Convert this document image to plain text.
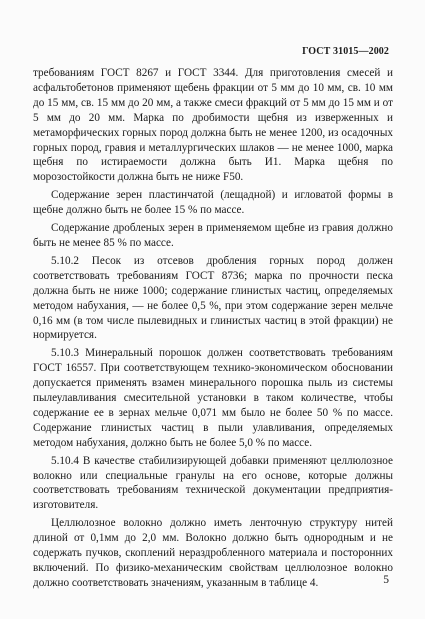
ГОСТ 31015—2002

требованиям ГОСТ 8267 и ГОСТ 3344. Для приготовления смесей и асфальтобетонов применяют щебень фракции от 5 мм до 10 мм, св. 10 мм до 15 мм, св. 15 мм до 20 мм, а также смеси фракций от 5 мм до 15 мм и от 5 мм до 20 мм. Марка по дробимости щебня из изверженных и метаморфических горных пород должна быть не менее 1200, из осадочных горных пород, гравия и металлургических шлаков — не менее 1000, марка щебня по истираемости должна быть И1. Марка щебня по морозостойкости должна быть не ниже F50.

Содержание зерен пластинчатой (лещадной) и игловатой формы в щебне должно быть не более 15 % по массе.

Содержание дробленых зерен в применяемом щебне из гравия должно быть не менее 85 % по массе.

5.10.2 Песок из отсевов дробления горных пород должен соответствовать требованиям ГОСТ 8736; марка по прочности песка должна быть не ниже 1000; содержание глинистых частиц, определяемых методом набухания, — не более 0,5 %, при этом содержание зерен мельче 0,16 мм (в том числе пылевидных и глинистых частиц в этой фракции) не нормируется.

5.10.3 Минеральный порошок должен соответствовать требованиям ГОСТ 16557. При соответствующем технико-экономическом обосновании допускается применять взамен минерального порошка пыль из системы пылеулавливания смесительной установки в таком количестве, чтобы содержание ее в зернах мельче 0,071 мм было не более 50 % по массе. Содержание глинистых частиц в пыли улавливания, определяемых методом набухания, должно быть не более 5,0 % по массе.

5.10.4 В качестве стабилизирующей добавки применяют целлюлозное волокно или специальные гранулы на его основе, которые должны соответствовать требованиям технической документации предприятия-изготовителя.

Целлюлозное волокно должно иметь ленточную структуру нитей длиной от 0,1мм до 2,0 мм. Волокно должно быть однородным и не содержать пучков, скоплений нераздробленного материала и посторонних включений. По физико-механическим свойствам целлюлозное волокно должно соответствовать значениям, указанным в таблице 4.	5
